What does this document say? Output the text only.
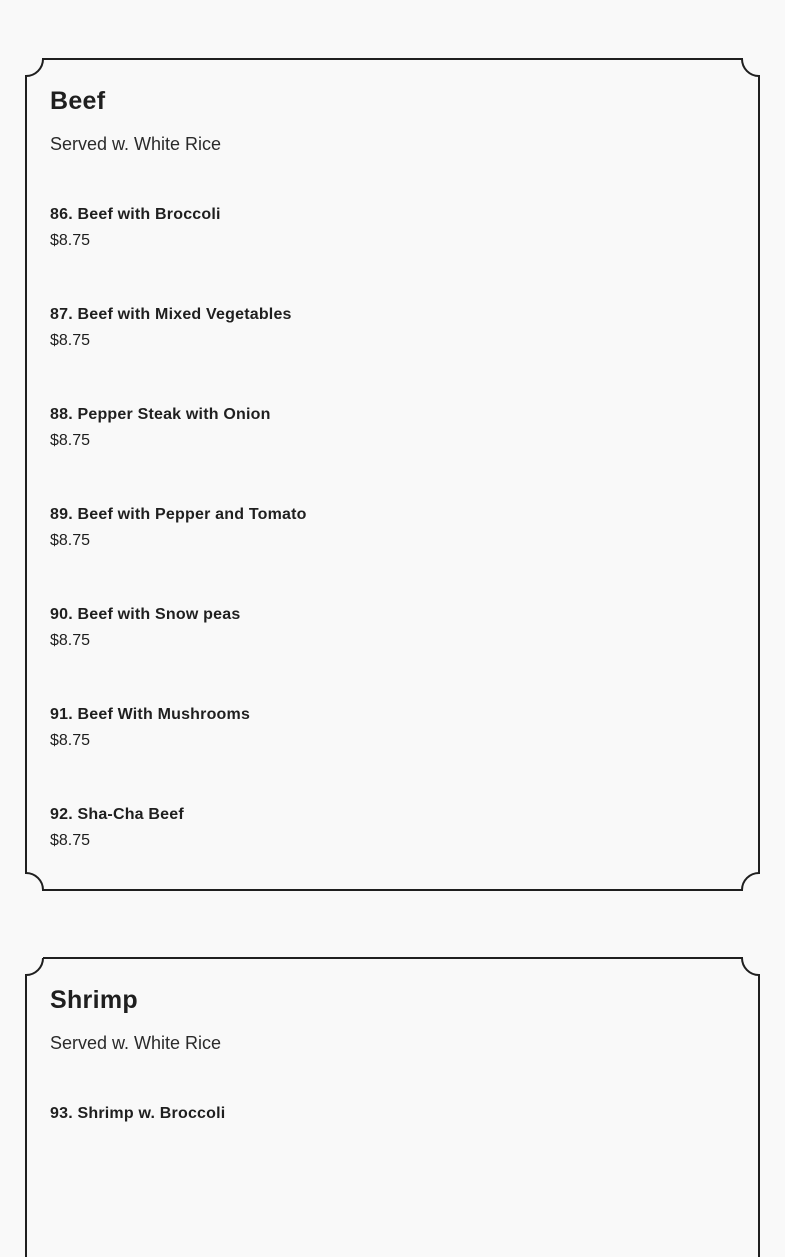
Beef
Served w. White Rice
86. Beef with Broccoli
$8.75
87. Beef with Mixed Vegetables
$8.75
88. Pepper Steak with Onion
$8.75
89. Beef with Pepper and Tomato
$8.75
90. Beef with Snow peas
$8.75
91. Beef With Mushrooms
$8.75
92. Sha-Cha Beef
$8.75
Shrimp
Served w. White Rice
93. Shrimp w. Broccoli
